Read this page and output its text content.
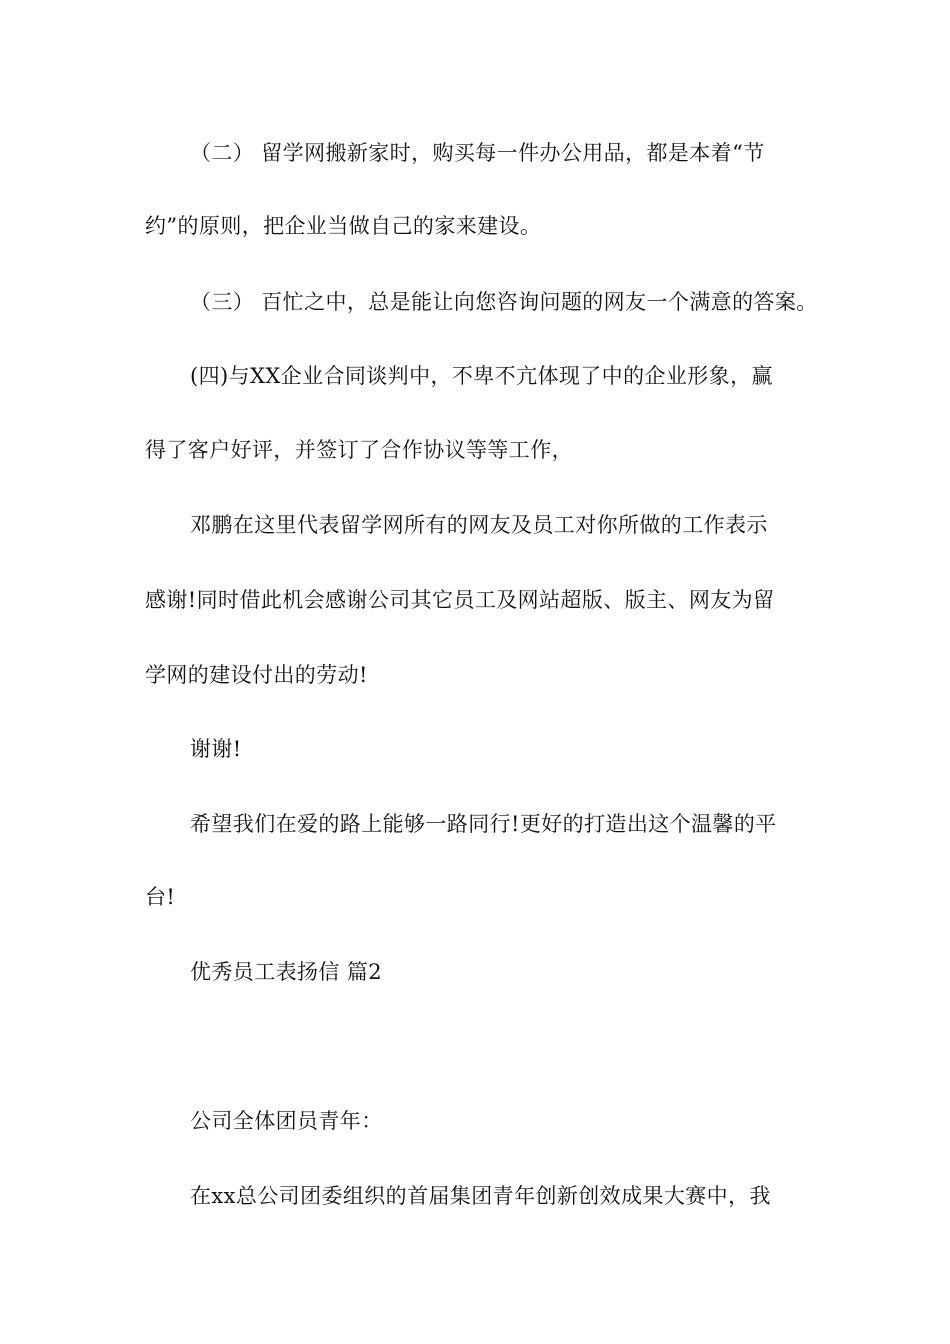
（二） 留学网搬新家时，购买每一件办公用品，都是本着“节
约”的原则，把企业当做自己的家来建设。
（三） 百忙之中，总是能让向您咨询问题的网友一个满意的答案。
(四)与XX企业合同谈判中，不卑不亢体现了中的企业形象，赢
得了客户好评，并签订了合作协议等等工作，
邓鹏在这里代表留学网所有的网友及员工对你所做的工作表示
感谢!同时借此机会感谢公司其它员工及网站超版、版主、网友为留
学网的建设付出的劳动!
谢谢!
希望我们在爱的路上能够一路同行!更好的打造出这个温馨的平
台!
优秀员工表扬信 篇2
公司全体团员青年：
在xx总公司团委组织的首届集团青年创新创效成果大赛中，我
